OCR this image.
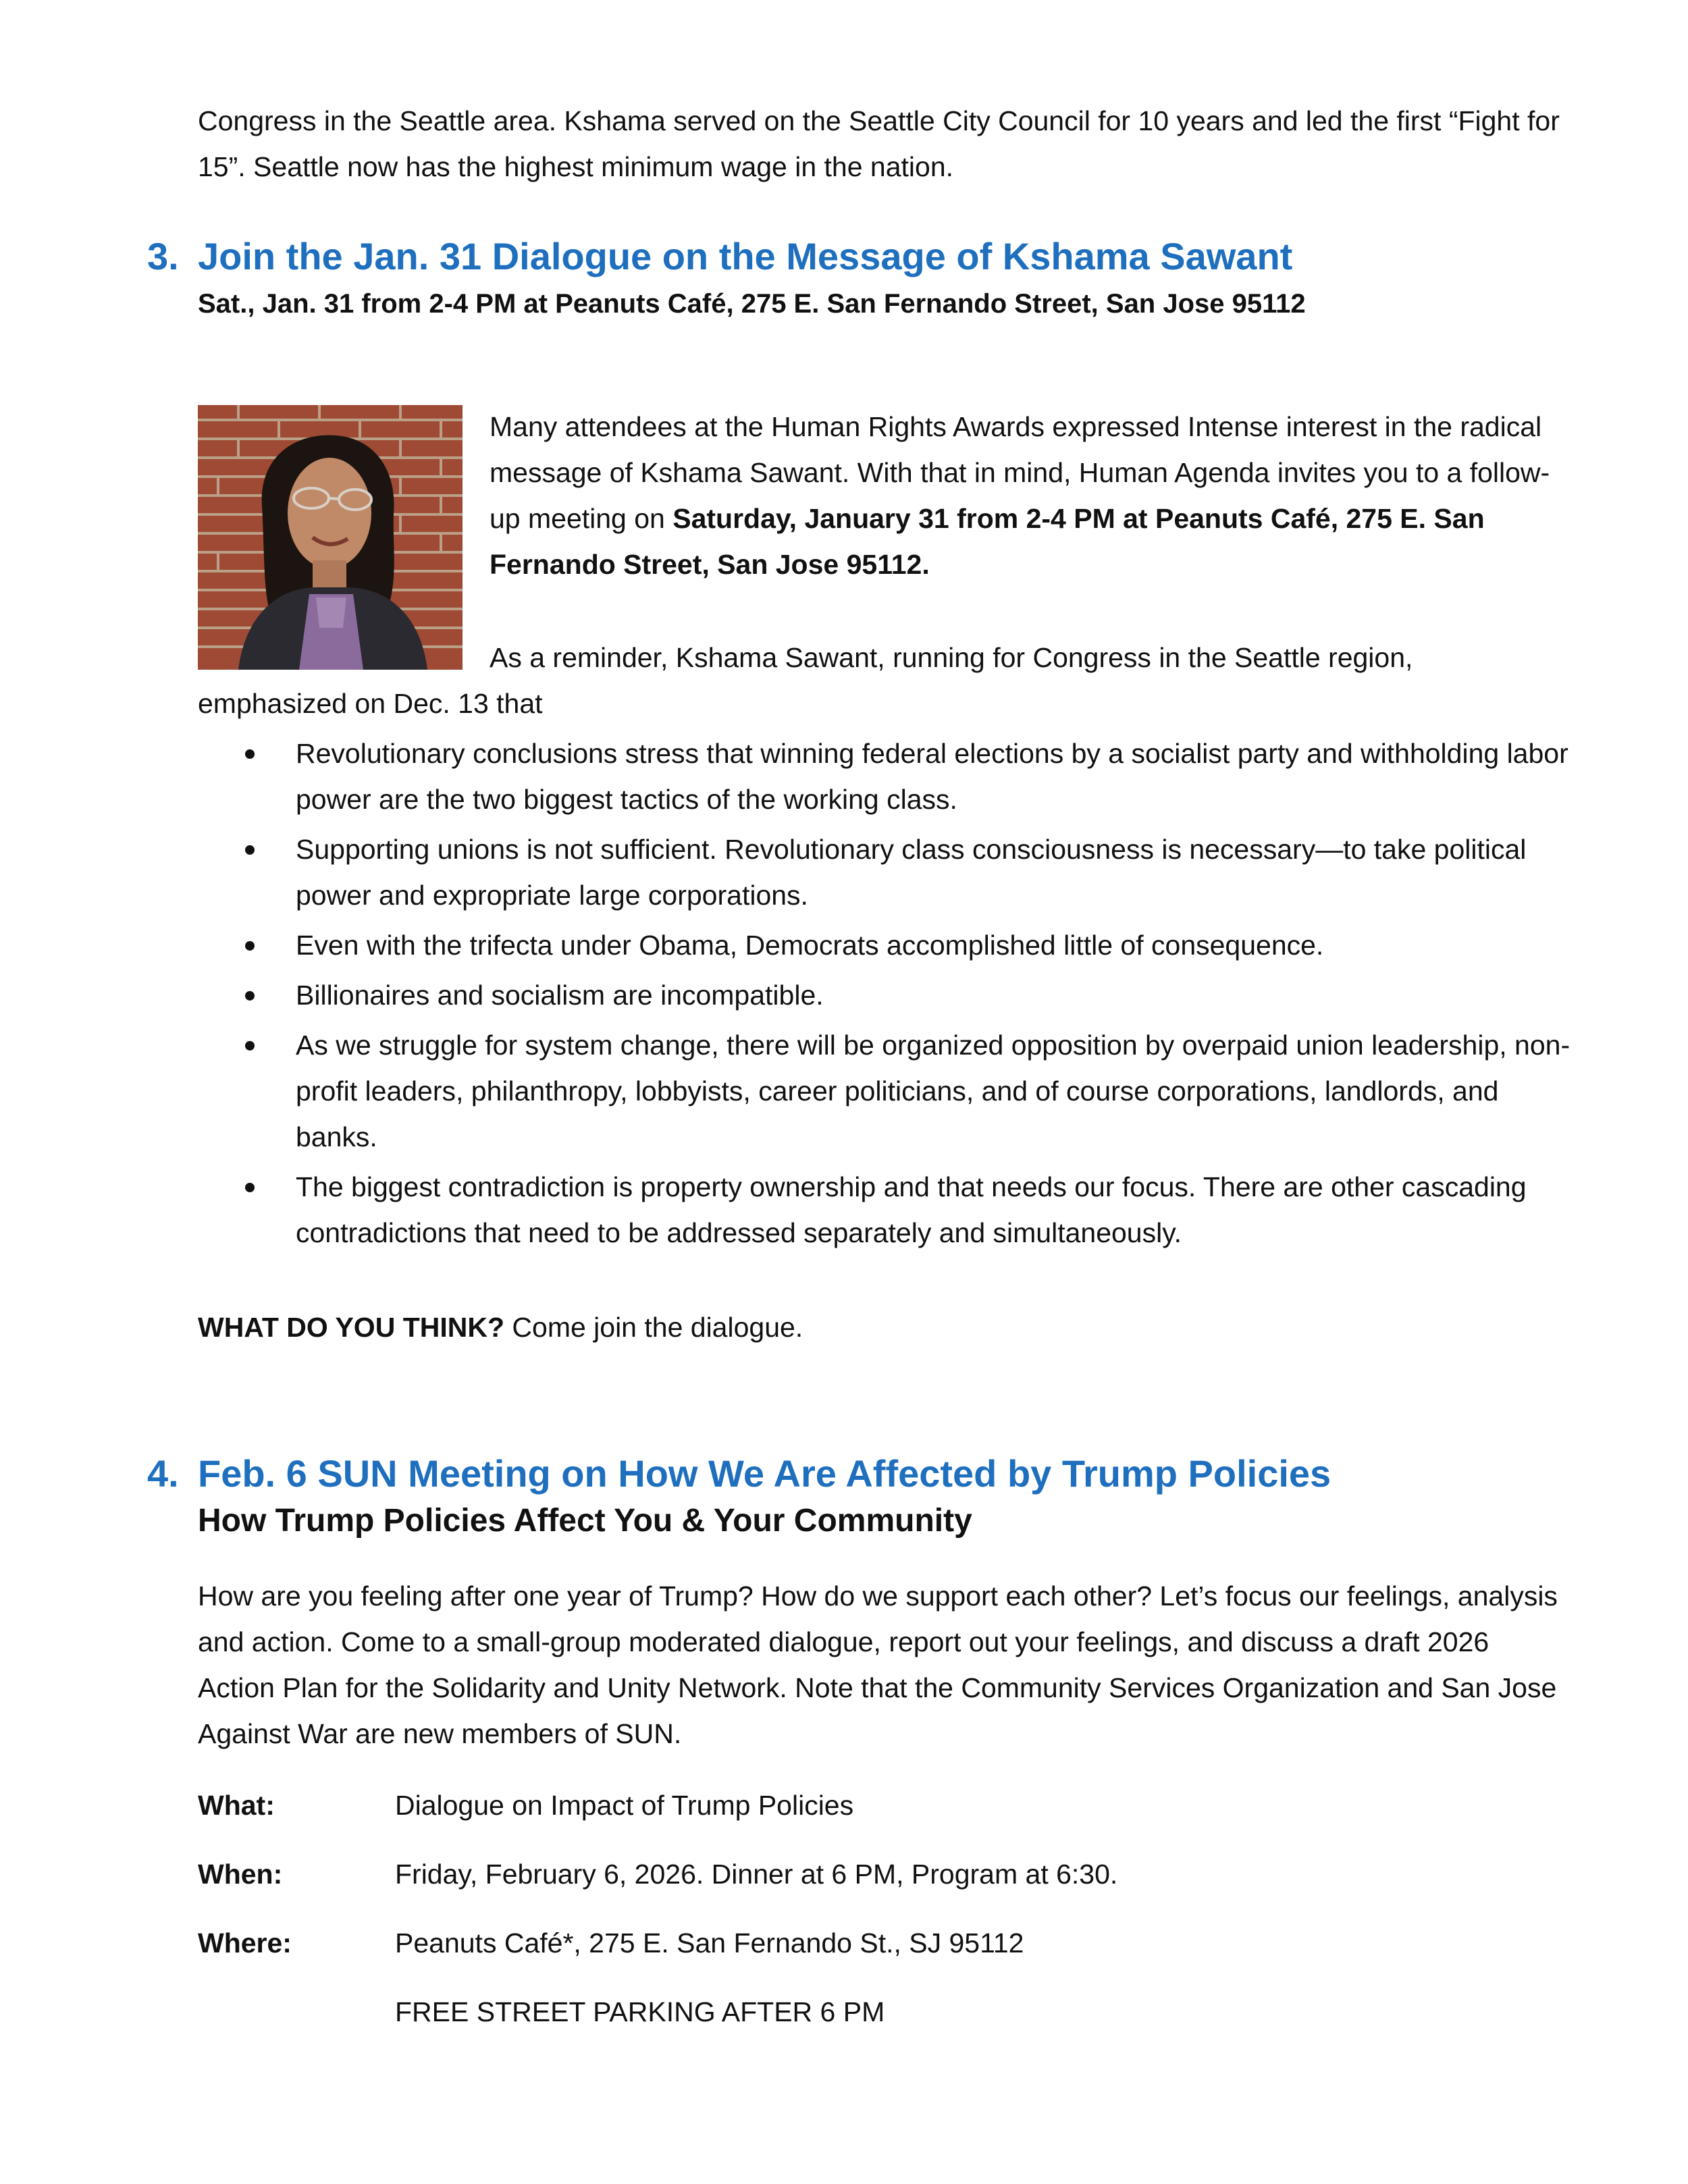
Congress in the Seattle area. Kshama served on the Seattle City Council for 10 years and led the first “Fight for 15”. Seattle now has the highest minimum wage in the nation.
3. Join the Jan. 31 Dialogue on the Message of Kshama Sawant
Sat., Jan. 31 from 2-4 PM at Peanuts Café, 275 E. San Fernando Street, San Jose 95112
Many attendees at the Human Rights Awards expressed Intense interest in the radical message of Kshama Sawant. With that in mind, Human Agenda invites you to a follow-up meeting on Saturday, January 31 from 2-4 PM at Peanuts Café, 275 E. San Fernando Street, San Jose 95112.
As a reminder, Kshama Sawant, running for Congress in the Seattle region,
emphasized on Dec. 13 that
Revolutionary conclusions stress that winning federal elections by a socialist party and withholding labor power are the two biggest tactics of the working class.
Supporting unions is not sufficient. Revolutionary class consciousness is necessary—to take political power and expropriate large corporations.
Even with the trifecta under Obama, Democrats accomplished little of consequence.
Billionaires and socialism are incompatible.
As we struggle for system change, there will be organized opposition by overpaid union leadership, non-profit leaders, philanthropy, lobbyists, career politicians, and of course corporations, landlords, and banks.
The biggest contradiction is property ownership and that needs our focus. There are other cascading contradictions that need to be addressed separately and simultaneously.
WHAT DO YOU THINK? Come join the dialogue.
4. Feb. 6 SUN Meeting on How We Are Affected by Trump Policies
How Trump Policies Affect You & Your Community
How are you feeling after one year of Trump? How do we support each other? Let’s focus our feelings, analysis and action. Come to a small-group moderated dialogue, report out your feelings, and discuss a draft 2026 Action Plan for the Solidarity and Unity Network. Note that the Community Services Organization and San Jose Against War are new members of SUN.
What:	Dialogue on Impact of Trump Policies
When:	Friday, February 6, 2026. Dinner at 6 PM, Program at 6:30.
Where:	Peanuts Café*, 275 E. San Fernando St., SJ 95112
FREE STREET PARKING AFTER 6 PM
